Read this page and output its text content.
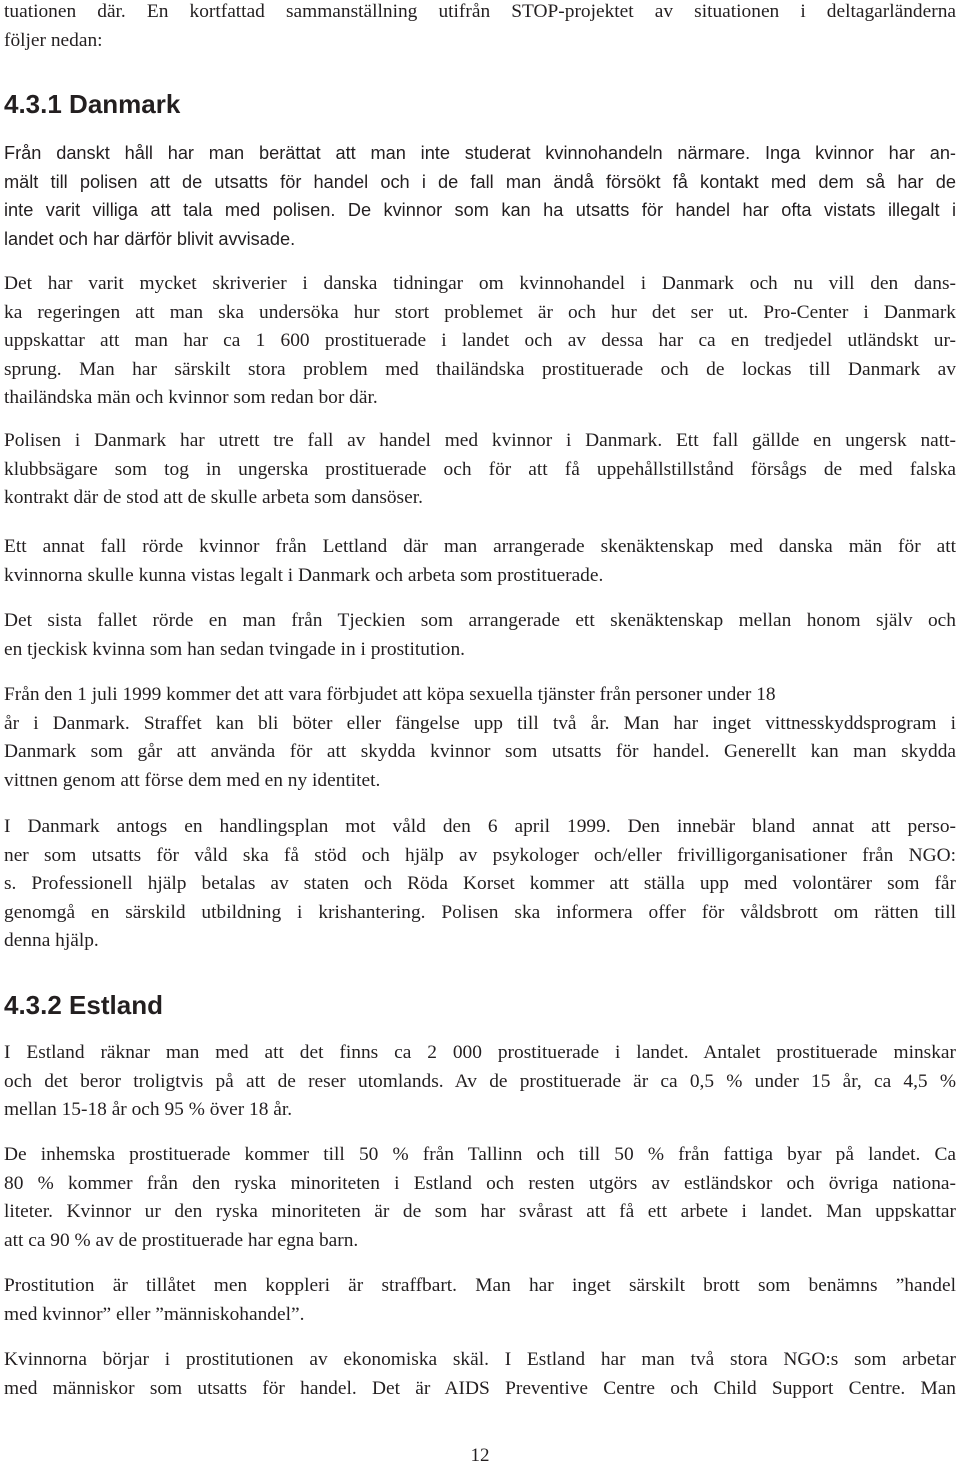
tuationen där. En kortfattad sammanställning utifrån STOP-projektet av situationen i deltagarländerna
följer nedan:
4.3.1 Danmark
Från danskt håll har man berättat att man inte studerat kvinnohandeln närmare. Inga kvinnor har an-
mält till polisen att de utsatts för handel och i de fall man ändå försökt få kontakt med dem så har de
inte varit villiga att tala med polisen. De kvinnor som kan ha utsatts för handel har ofta vistats illegalt i
landet och har därför blivit avvisade.
Det har varit mycket skriverier i danska tidningar om kvinnohandel i Danmark och nu vill den dans-
ka regeringen att man ska undersöka hur stort problemet är och hur det ser ut. Pro-Center i Danmark
uppskattar att man har ca 1 600 prostituerade i landet och av dessa har ca en tredjedel utländskt ur-
sprung. Man har särskilt stora problem med thailändska prostituerade och de lockas till Danmark av
thailändska män och kvinnor som redan bor där.
Polisen i Danmark har utrett tre fall av handel med kvinnor i Danmark. Ett fall gällde en ungersk natt-
klubbsägare som tog in ungerska prostituerade och för att få uppehållstillstånd försågs de med falska
kontrakt där de stod att de skulle arbeta som dansöser.
Ett annat fall rörde kvinnor från Lettland där man arrangerade skenäktenskap med danska män för att
kvinnorna skulle kunna vistas legalt i Danmark och arbeta som prostituerade.
Det sista fallet rörde en man från Tjeckien som arrangerade ett skenäktenskap mellan honom själv och
en tjeckisk kvinna som han sedan tvingade in i prostitution.
Från den 1 juli 1999 kommer det att vara förbjudet att köpa sexuella tjänster från personer under 18
år i Danmark. Straffet kan bli böter eller fängelse upp till två år. Man har inget vittnesskyddsprogram i
Danmark som går att använda för att skydda kvinnor som utsatts för handel. Generellt kan man skydda
vittnen genom att förse dem med en ny identitet.
I Danmark antogs en handlingsplan mot våld den 6 april 1999. Den innebär bland annat att perso-
ner som utsatts för våld ska få stöd och hjälp av psykologer och/eller frivilligorganisationer från NGO:
s. Professionell hjälp betalas av staten och Röda Korset kommer att ställa upp med volontärer som får
genomgå en särskild utbildning i krishantering. Polisen ska informera offer för våldsbrott om rätten till
denna hjälp.
4.3.2 Estland
I Estland räknar man med att det finns ca 2 000 prostituerade i landet. Antalet prostituerade minskar
och det beror troligtvis på att de reser utomlands. Av de prostituerade är ca 0,5 % under 15 år, ca 4,5 %
mellan 15-18 år och 95 % över 18 år.
De inhemska prostituerade kommer till 50 % från Tallinn och till 50 % från fattiga byar på landet. Ca
80 % kommer från den ryska minoriteten i Estland och resten utgörs av estländskor och övriga nationa-
liteter. Kvinnor ur den ryska minoriteten är de som har svårast att få ett arbete i landet. Man uppskattar
att ca 90 % av de prostituerade har egna barn.
Prostitution är tillåtet men koppleri är straffbart. Man har inget särskilt brott som benämns ”handel
med kvinnor” eller ”människohandel”.
Kvinnorna börjar i prostitutionen av ekonomiska skäl. I Estland har man två stora NGO:s som arbetar
med människor som utsatts för handel. Det är AIDS Preventive Centre och Child Support Centre. Man
12
